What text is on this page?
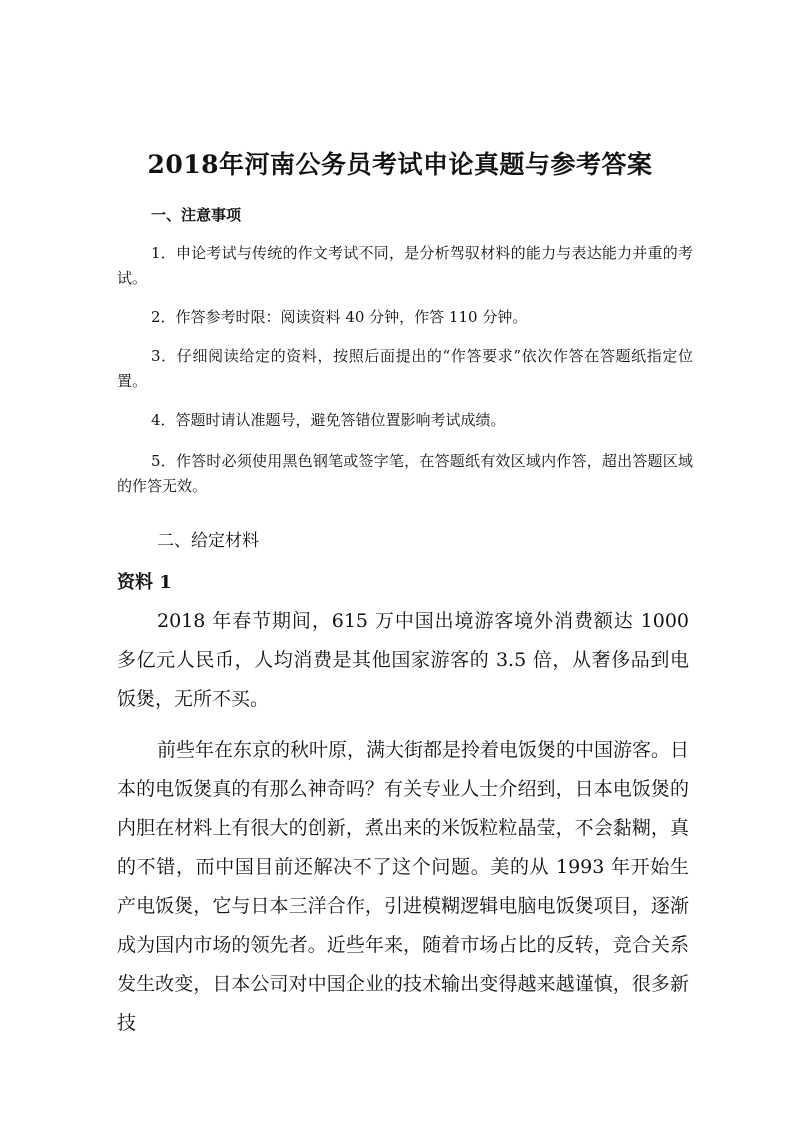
2018年河南公务员考试申论真题与参考答案
一、注意事项
1．申论考试与传统的作文考试不同，是分析驾驭材料的能力与表达能力并重的考试。
2．作答参考时限：阅读资料 40 分钟，作答 110 分钟。
3．仔细阅读给定的资料，按照后面提出的“作答要求”依次作答在答题纸指定位置。
4．答题时请认准题号，避免答错位置影响考试成绩。
5．作答时必须使用黑色钢笔或签字笔，在答题纸有效区域内作答，超出答题区域的作答无效。
二、给定材料
资料 1
2018 年春节期间，615 万中国出境游客境外消费额达 1000 多亿元人民币，人均消费是其他国家游客的 3.5 倍，从奢侈品到电饭煲，无所不买。
前些年在东京的秋叶原，满大街都是拎着电饭煲的中国游客。日本的电饭煲真的有那么神奇吗？有关专业人士介绍到，日本电饭煲的内胆在材料上有很大的创新，煮出来的米饭粒粒晶莹，不会黏糊，真的不错，而中国目前还解决不了这个问题。美的从 1993 年开始生产电饭煲，它与日本三洋合作，引进模糊逻辑电脑电饭煲项目，逐渐成为国内市场的领先者。近些年来，随着市场占比的反转，竞合关系发生改变，日本公司对中国企业的技术输出变得越来越谨慎，很多新技
